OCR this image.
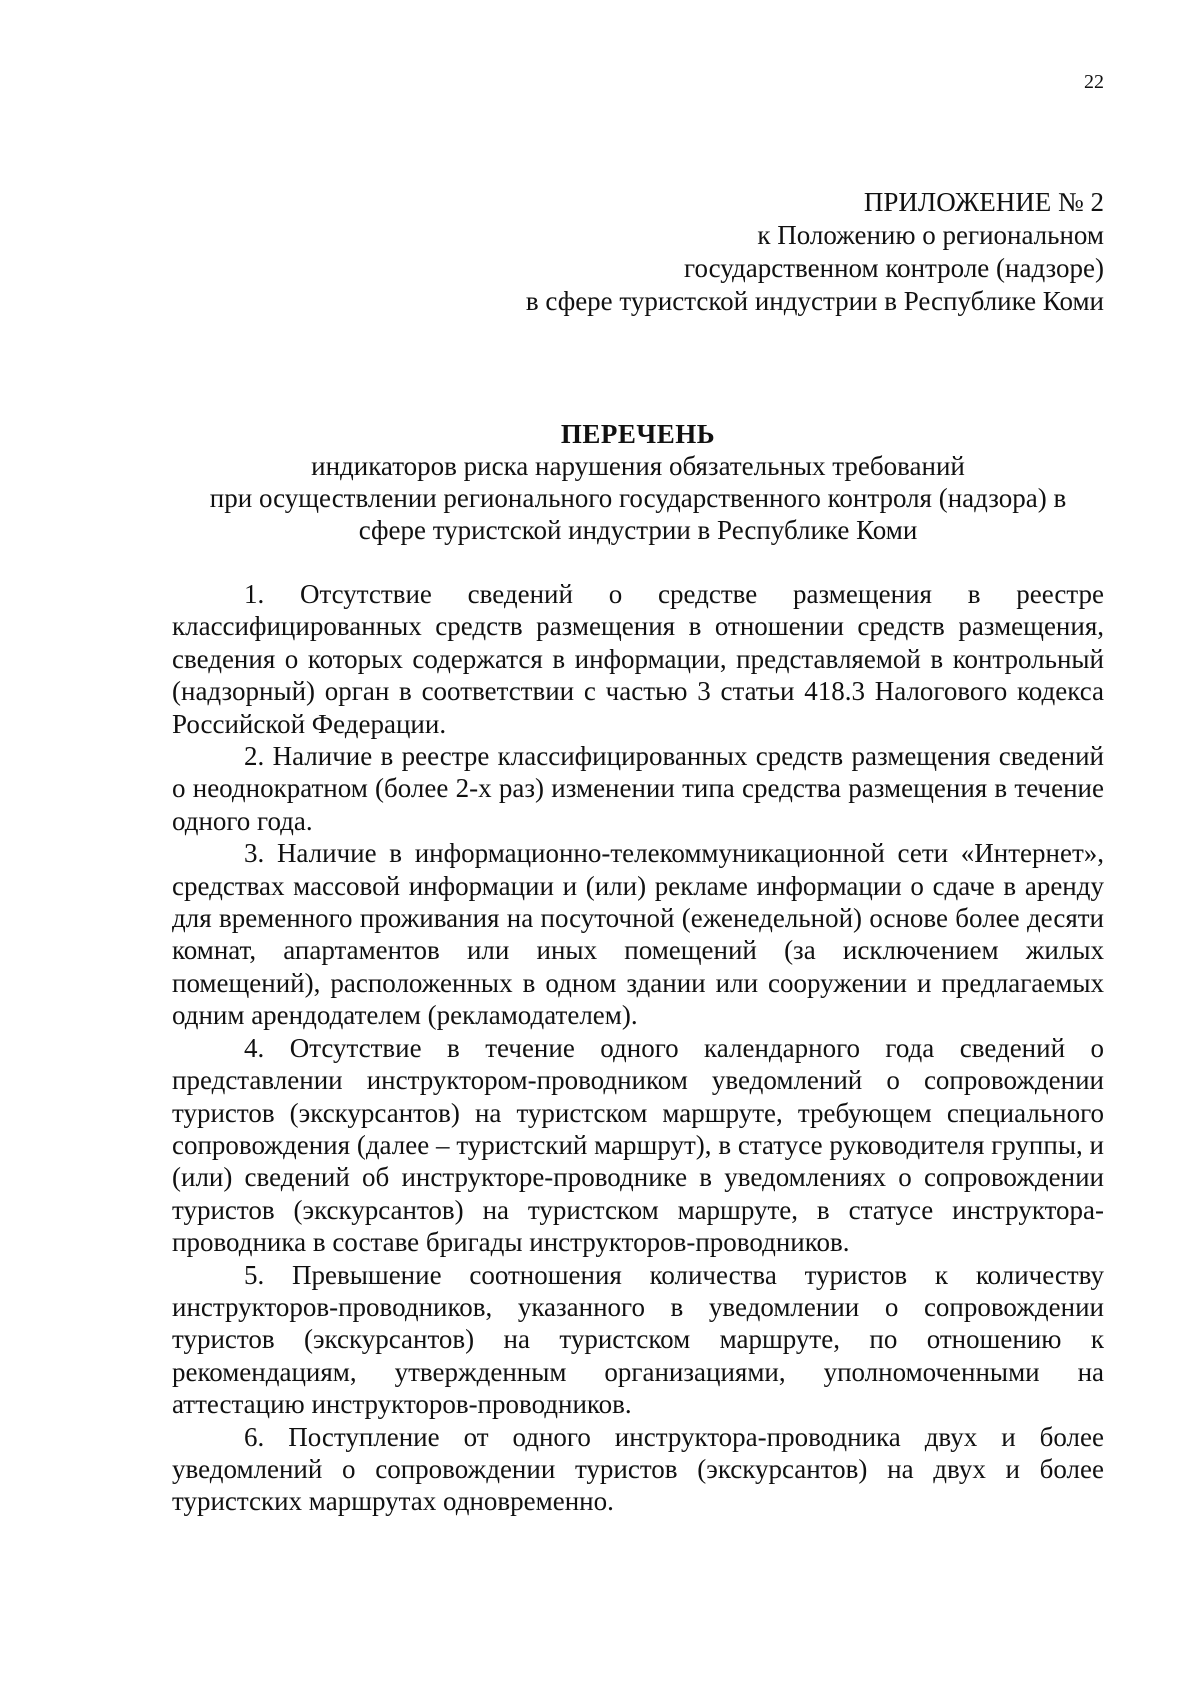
22
ПРИЛОЖЕНИЕ № 2
к Положению о региональном
государственном контроле (надзоре)
в сфере туристской индустрии в Республике Коми
ПЕРЕЧЕНЬ
индикаторов риска нарушения обязательных требований
при осуществлении регионального государственного контроля (надзора) в
сфере туристской индустрии в Республике Коми

1. Отсутствие сведений о средстве размещения в реестре классифицированных средств размещения в отношении средств размещения, сведения о которых содержатся в информации, представляемой в контрольный (надзорный) орган в соответствии с частью 3 статьи 418.3 Налогового кодекса Российской Федерации.

2. Наличие в реестре классифицированных средств размещения сведений о неоднократном (более 2-х раз) изменении типа средства размещения в течение одного года.

3. Наличие в информационно-телекоммуникационной сети «Интернет», средствах массовой информации и (или) рекламе информации о сдаче в аренду для временного проживания на посуточной (еженедельной) основе более десяти комнат, апартаментов или иных помещений (за исключением жилых помещений), расположенных в одном здании или сооружении и предлагаемых одним арендодателем (рекламодателем).

4. Отсутствие в течение одного календарного года сведений о представлении инструктором-проводником уведомлений о сопровождении туристов (экскурсантов) на туристском маршруте, требующем специального сопровождения (далее – туристский маршрут), в статусе руководителя группы, и (или) сведений об инструкторе-проводнике в уведомлениях о сопровождении туристов (экскурсантов) на туристском маршруте, в статусе инструктора-проводника в составе бригады инструкторов-проводников.

5. Превышение соотношения количества туристов к количеству инструкторов-проводников, указанного в уведомлении о сопровождении туристов (экскурсантов) на туристском маршруте, по отношению к рекомендациям, утвержденным организациями, уполномоченными на аттестацию инструкторов-проводников.

6. Поступление от одного инструктора-проводника двух и более уведомлений о сопровождении туристов (экскурсантов) на двух и более туристских маршрутах одновременно.
